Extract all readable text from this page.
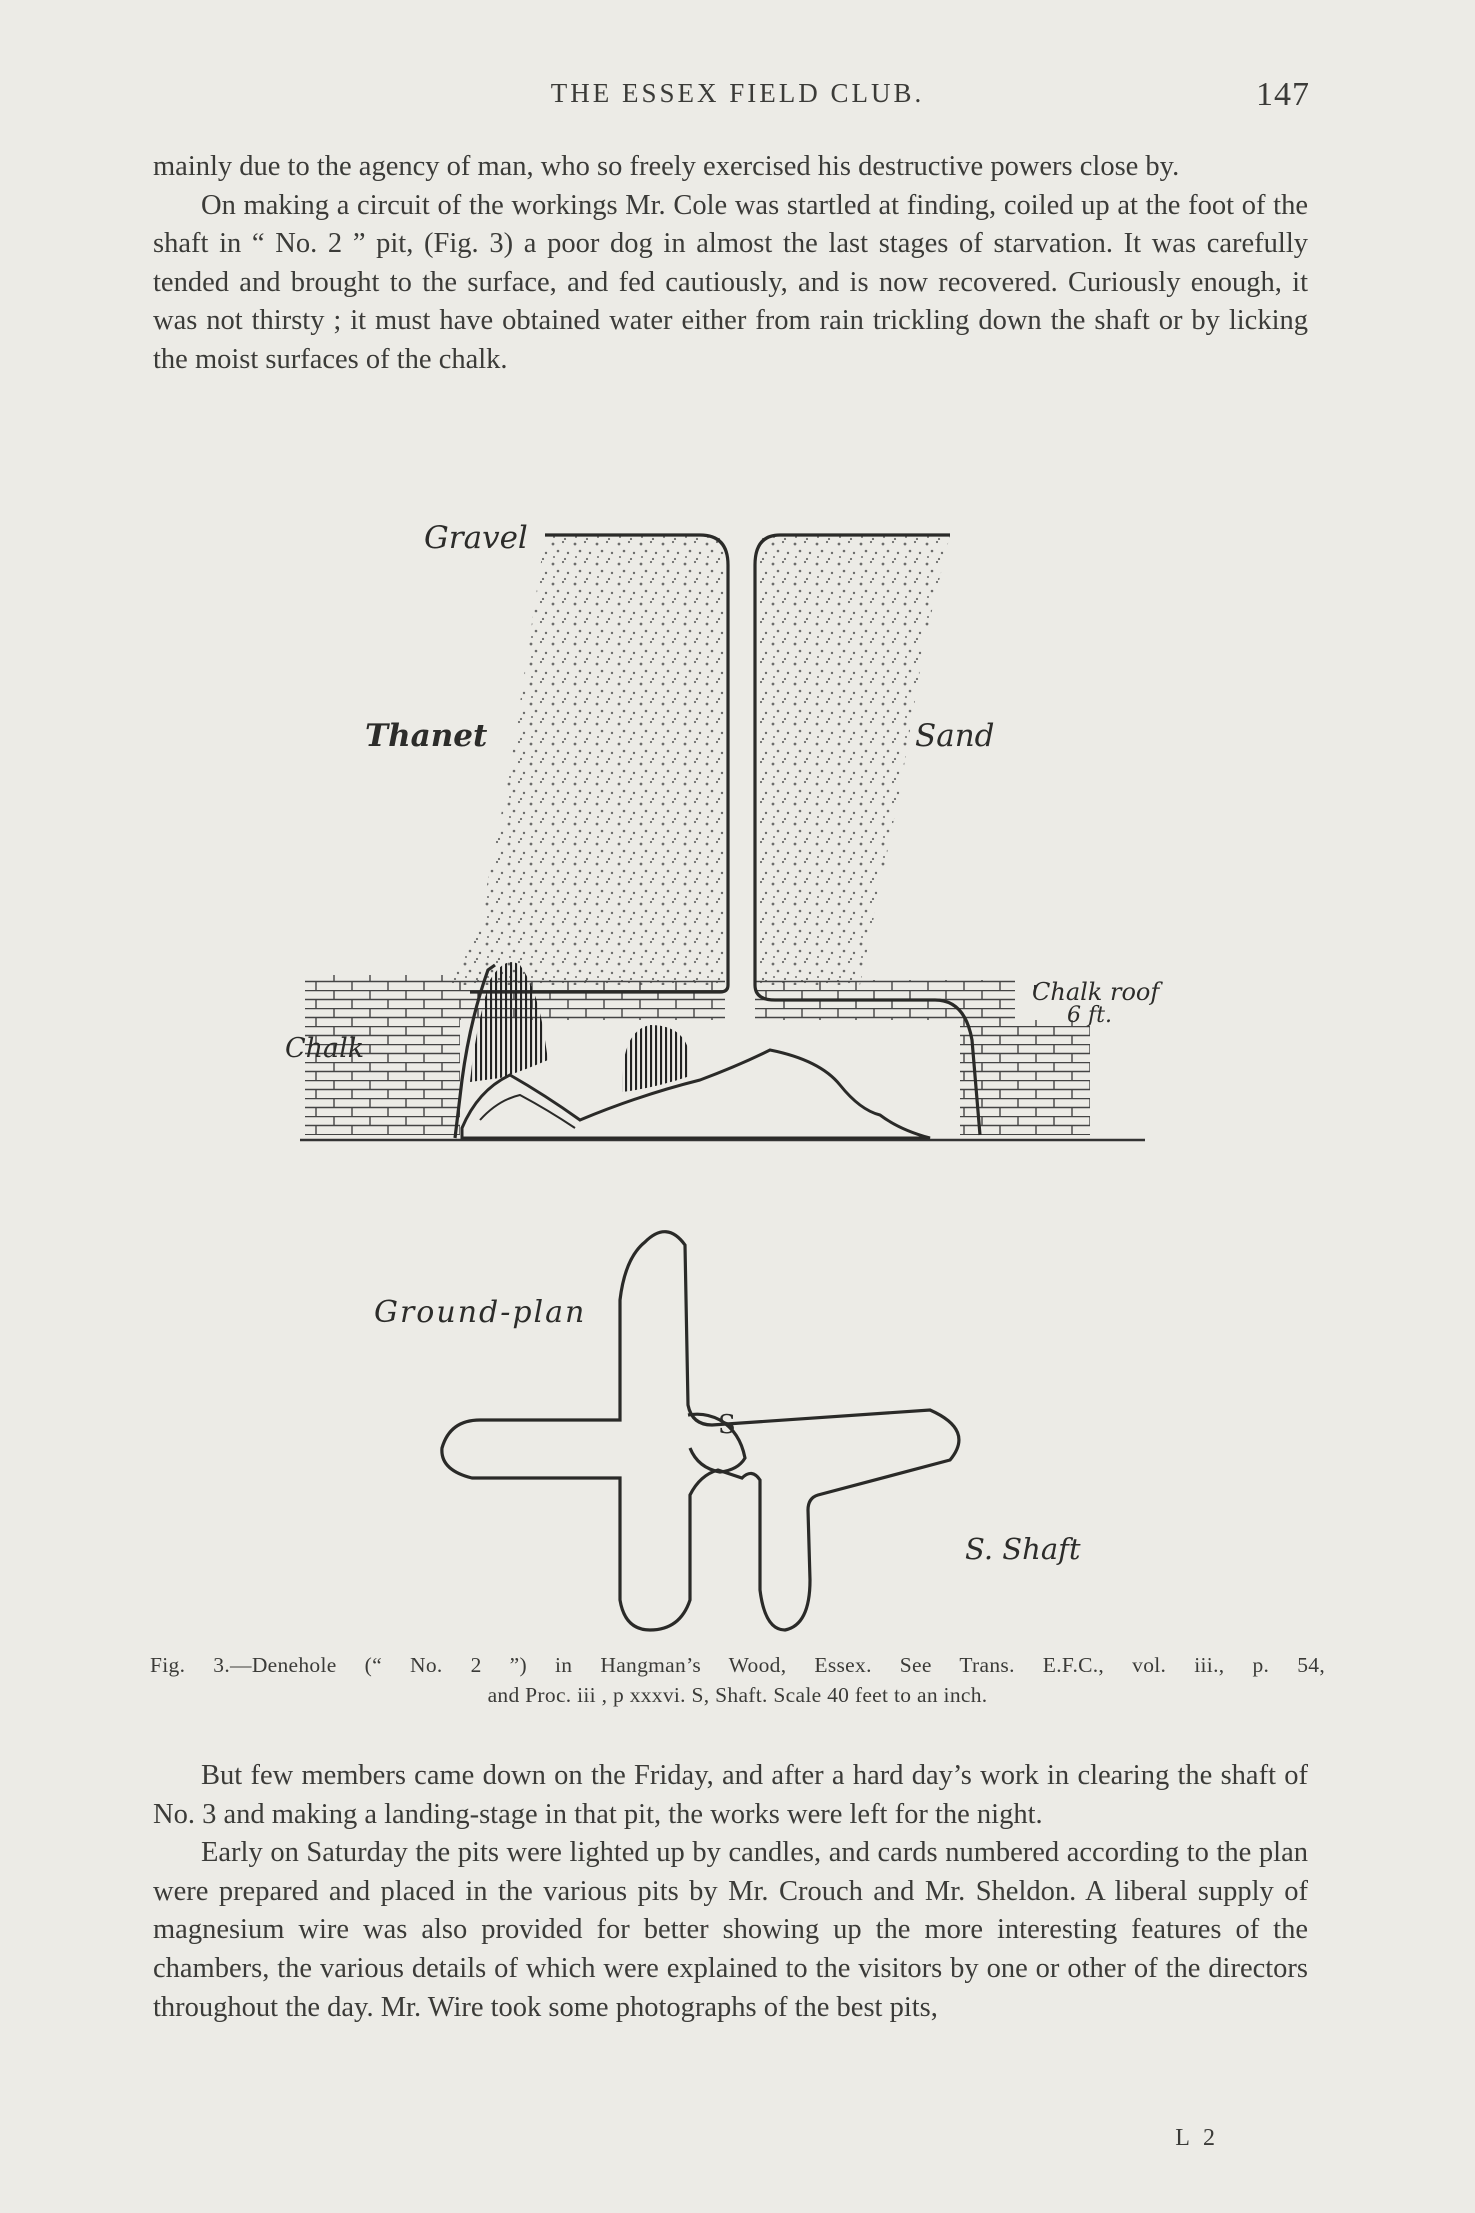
THE ESSEX FIELD CLUB.	147

mainly due to the agency of man, who so freely exercised his destructive powers close by.

On making a circuit of the workings Mr. Cole was startled at finding, coiled up at the foot of the shaft in “ No. 2 ” pit, (Fig. 3) a poor dog in almost the last stages of starvation. It was carefully tended and brought to the surface, and fed cautiously, and is now recovered. Curiously enough, it was not thirsty ; it must have obtained water either from rain trickling down the shaft or by licking the moist surfaces of the chalk.

Gravel
Thanet	Sand
Chalk
Chalk roof
6 ft.
Ground-plan
S
S. Shaft
Fig. 3.—Denehole (“ No. 2 ”) in Hangman’s Wood, Essex. See Trans. E.F.C., vol. iii., p. 54,
and Proc. iii , p xxxvi. S, Shaft. Scale 40 feet to an inch.

But few members came down on the Friday, and after a hard day’s work in clearing the shaft of No. 3 and making a landing-stage in that pit, the works were left for the night.

Early on Saturday the pits were lighted up by candles, and cards numbered according to the plan were prepared and placed in the various pits by Mr. Crouch and Mr. Sheldon. A liberal supply of magnesium wire was also provided for better showing up the more interesting features of the chambers, the various details of which were explained to the visitors by one or other of the directors throughout the day. Mr. Wire took some photographs of the best pits,

L 2
